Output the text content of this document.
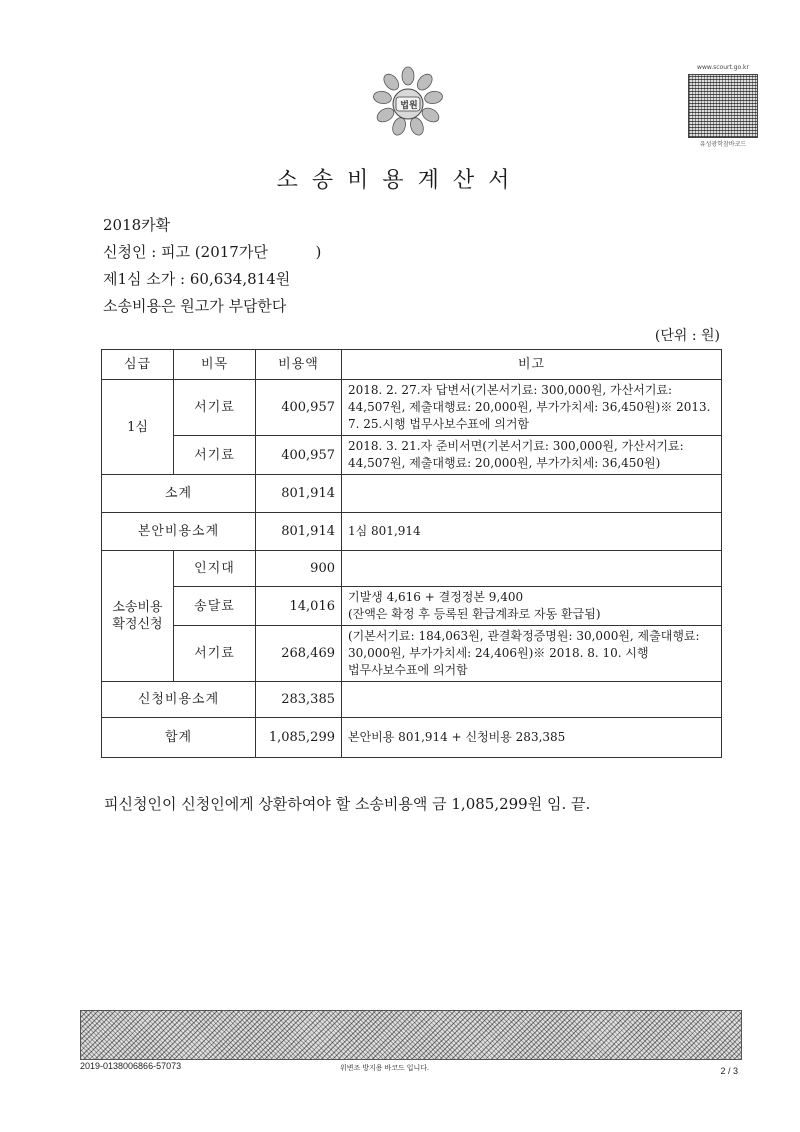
법원
www.scourt.go.kr
유성광학참바코드
소송비용계산서
2018카확
신청인 : 피고 (2017가단          )
제1심 소가 : 60,634,814원
소송비용은 원고가 부담한다
(단위 : 원)
심급	비목	비용액	비고
1심	서기료	400,957	2018. 2. 27.자 답변서(기본서기료: 300,000원, 가산서기료: 44,507원, 제출대행료: 20,000원, 부가가치세: 36,450원)※ 2013. 7. 25.시행 법무사보수표에 의거함
	서기료	400,957	2018. 3. 21.자 준비서면(기본서기료: 300,000원, 가산서기료: 44,507원, 제출대행료: 20,000원, 부가가치세: 36,450원)
소계		801,914	
본안비용소계		801,914	1심 801,914

소송비용
확정신청	인지대	900	

	송달료	14,016	기발생 4,616 + 결정정본 9,400
(잔액은 확정 후 등록된 환급계좌로 자동 환급됨)

	서기료	268,469	(기본서기료: 184,063원, 관결확정증명원: 30,000원, 제출대행료:
30,000원, 부가가치세: 24,406원)※ 2018. 8. 10. 시행
법무사보수표에 의거함

신청비용소계		283,385	
합계		1,085,299	본안비용 801,914 + 신청비용 283,385
피신청인이 신청인에게 상환하여야 할 소송비용액 금 1,085,299원 임. 끝.
2019-0138006866-57073	위변조 방지용 바코드 입니다.	2 / 3
